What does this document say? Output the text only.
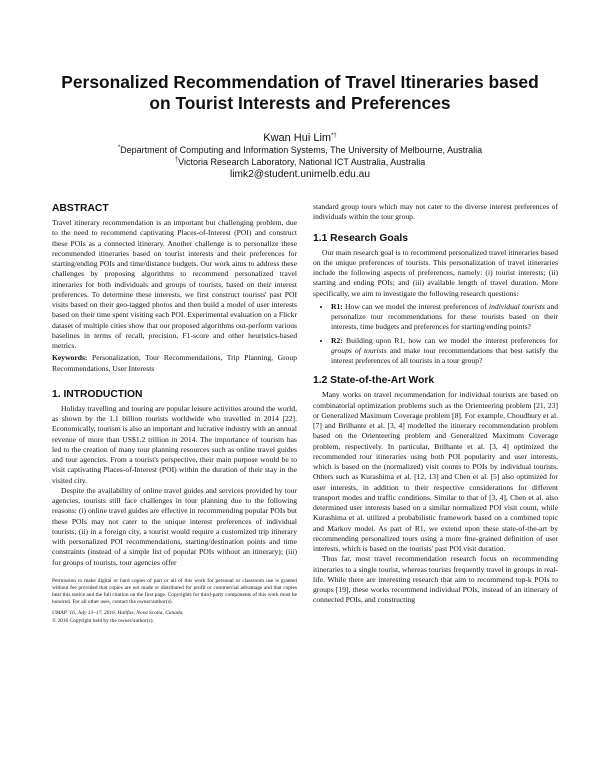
Personalized Recommendation of Travel Itineraries based
on Tourist Interests and Preferences
Kwan Hui Lim*†
*Department of Computing and Information Systems, The University of Melbourne, Australia
†Victoria Research Laboratory, National ICT Australia, Australia
limk2@student.unimelb.edu.au
ABSTRACT

Travel itinerary recommendation is an important but challenging problem, due to the need to recommend captivating Places-of-Interest (POI) and construct these POIs as a connected itinerary. Another challenge is to personalize these recommended itineraries based on tourist interests and their preferences for starting/ending POIs and time/distance budgets. Our work aims to address these challenges by proposing algorithms to recommend personalized travel itineraries for both individuals and groups of tourists, based on their interest preferences. To determine these interests, we first construct tourists' past POI visits based on their geo-tagged photos and then build a model of user interests based on their time spent visiting each POI. Experimental evaluation on a Flickr dataset of multiple cities show that our proposed algorithms out-perform various baselines in terms of recall, precision, F1-score and other heuristics-based metrics.

Keywords: Personalization, Tour Recommendations, Trip Planning, Group Recommendations, User Interests

1. INTRODUCTION

Holiday travelling and touring are popular leisure activities around the world, as shown by the 1.1 billion tourists worldwide who travelled in 2014 [22]. Economically, tourism is also an important and lucrative industry with an annual revenue of more than US$1.2 trillion in 2014. The importance of tourism has led to the creation of many tour planning resources such as online travel guides and tour agencies. From a tourist's perspective, their main purpose would be to visit captivating Places-of-Interest (POI) within the duration of their stay in the visited city.

Despite the availability of online travel guides and services provided by tour agencies, tourists still face challenges in tour planning due to the following reasons: (i) online travel guides are effective in recommending popular POIs but these POIs may not cater to the unique interest preferences of individual tourists; (ii) in a foreign city, a tourist would require a customized trip itinerary with personalized POI recommendations, starting/destination points and time constraints (instead of a simple list of popular POIs without an itinerary); (iii) for groups of tourists, tour agencies offer

Permission to make digital or hard copies of part or all of this work for personal or classroom use is granted without fee provided that copies are not made or distributed for profit or commercial advantage and that copies bear this notice and the full citation on the first page. Copyrights for third-party components of this work must be honored. For all other uses, contact the owner/author(s).
UMAP '16, July 13–17, 2016, Halifax, Nova Scotia, Canada.
© 2016 Copyright held by the owner/author(s).

standard group tours which may not cater to the diverse interest preferences of individuals within the tour group.

1.1 Research Goals

Our main research goal is to recommend personalized travel itineraries based on the unique preferences of tourists. This personalization of travel itineraries include the following aspects of preferences, namely: (i) tourist interests; (ii) starting and ending POIs; and (iii) available length of travel duration. More specifically, we aim to investigate the following research questions:

• R1: How can we model the interest preferences of individual tourists and personalize tour recommendations for these tourists based on their interests, time budgets and preferences for starting/ending points?
• R2: Building upon R1, how can we model the interest preferences for groups of tourists and make tour recommendations that best satisfy the interest preferences of all tourists in a tour group?
1.2 State-of-the-Art Work

Many works on travel recommendation for individual tourists are based on combinatorial optimization problems such as the Orienteering problem [21, 23] or Generalized Maximum Coverage problem [8]. For example, Choudhury et al. [7] and Brilhante et al. [3, 4] modelled the itinerary recommendation problem based on the Orienteering problem and Generalized Maximum Coverage problem, respectively. In particular, Brilhante et al. [3, 4] optimized the recommended tour itineraries using both POI popularity and user interests, which is based on the (normalized) visit counts to POIs by individual tourists. Others such as Kurashima et al. [12, 13] and Chen et al. [5] also optimized for user interests, in addition to their respective considerations for different transport modes and traffic conditions. Similar to that of [3, 4], Chen et al. also determined user interests based on a similar normalized POI visit count, while Kurashima et al. utilized a probabilistic framework based on a combined topic and Markov model. As part of R1, we extend upon these state-of-the-art by recommending personalized tours using a more fine-grained definition of user interests, which is based on the tourists' past POI visit duration.

Thus far, most travel recommendation research focus on recommending itineraries to a single tourist, whereas tourists frequently travel in groups in real-life. While there are interesting research that aim to recommend top-k POIs to groups [19], these works recommend individual POIs, instead of an itinerary of connected POIs, and constructing
